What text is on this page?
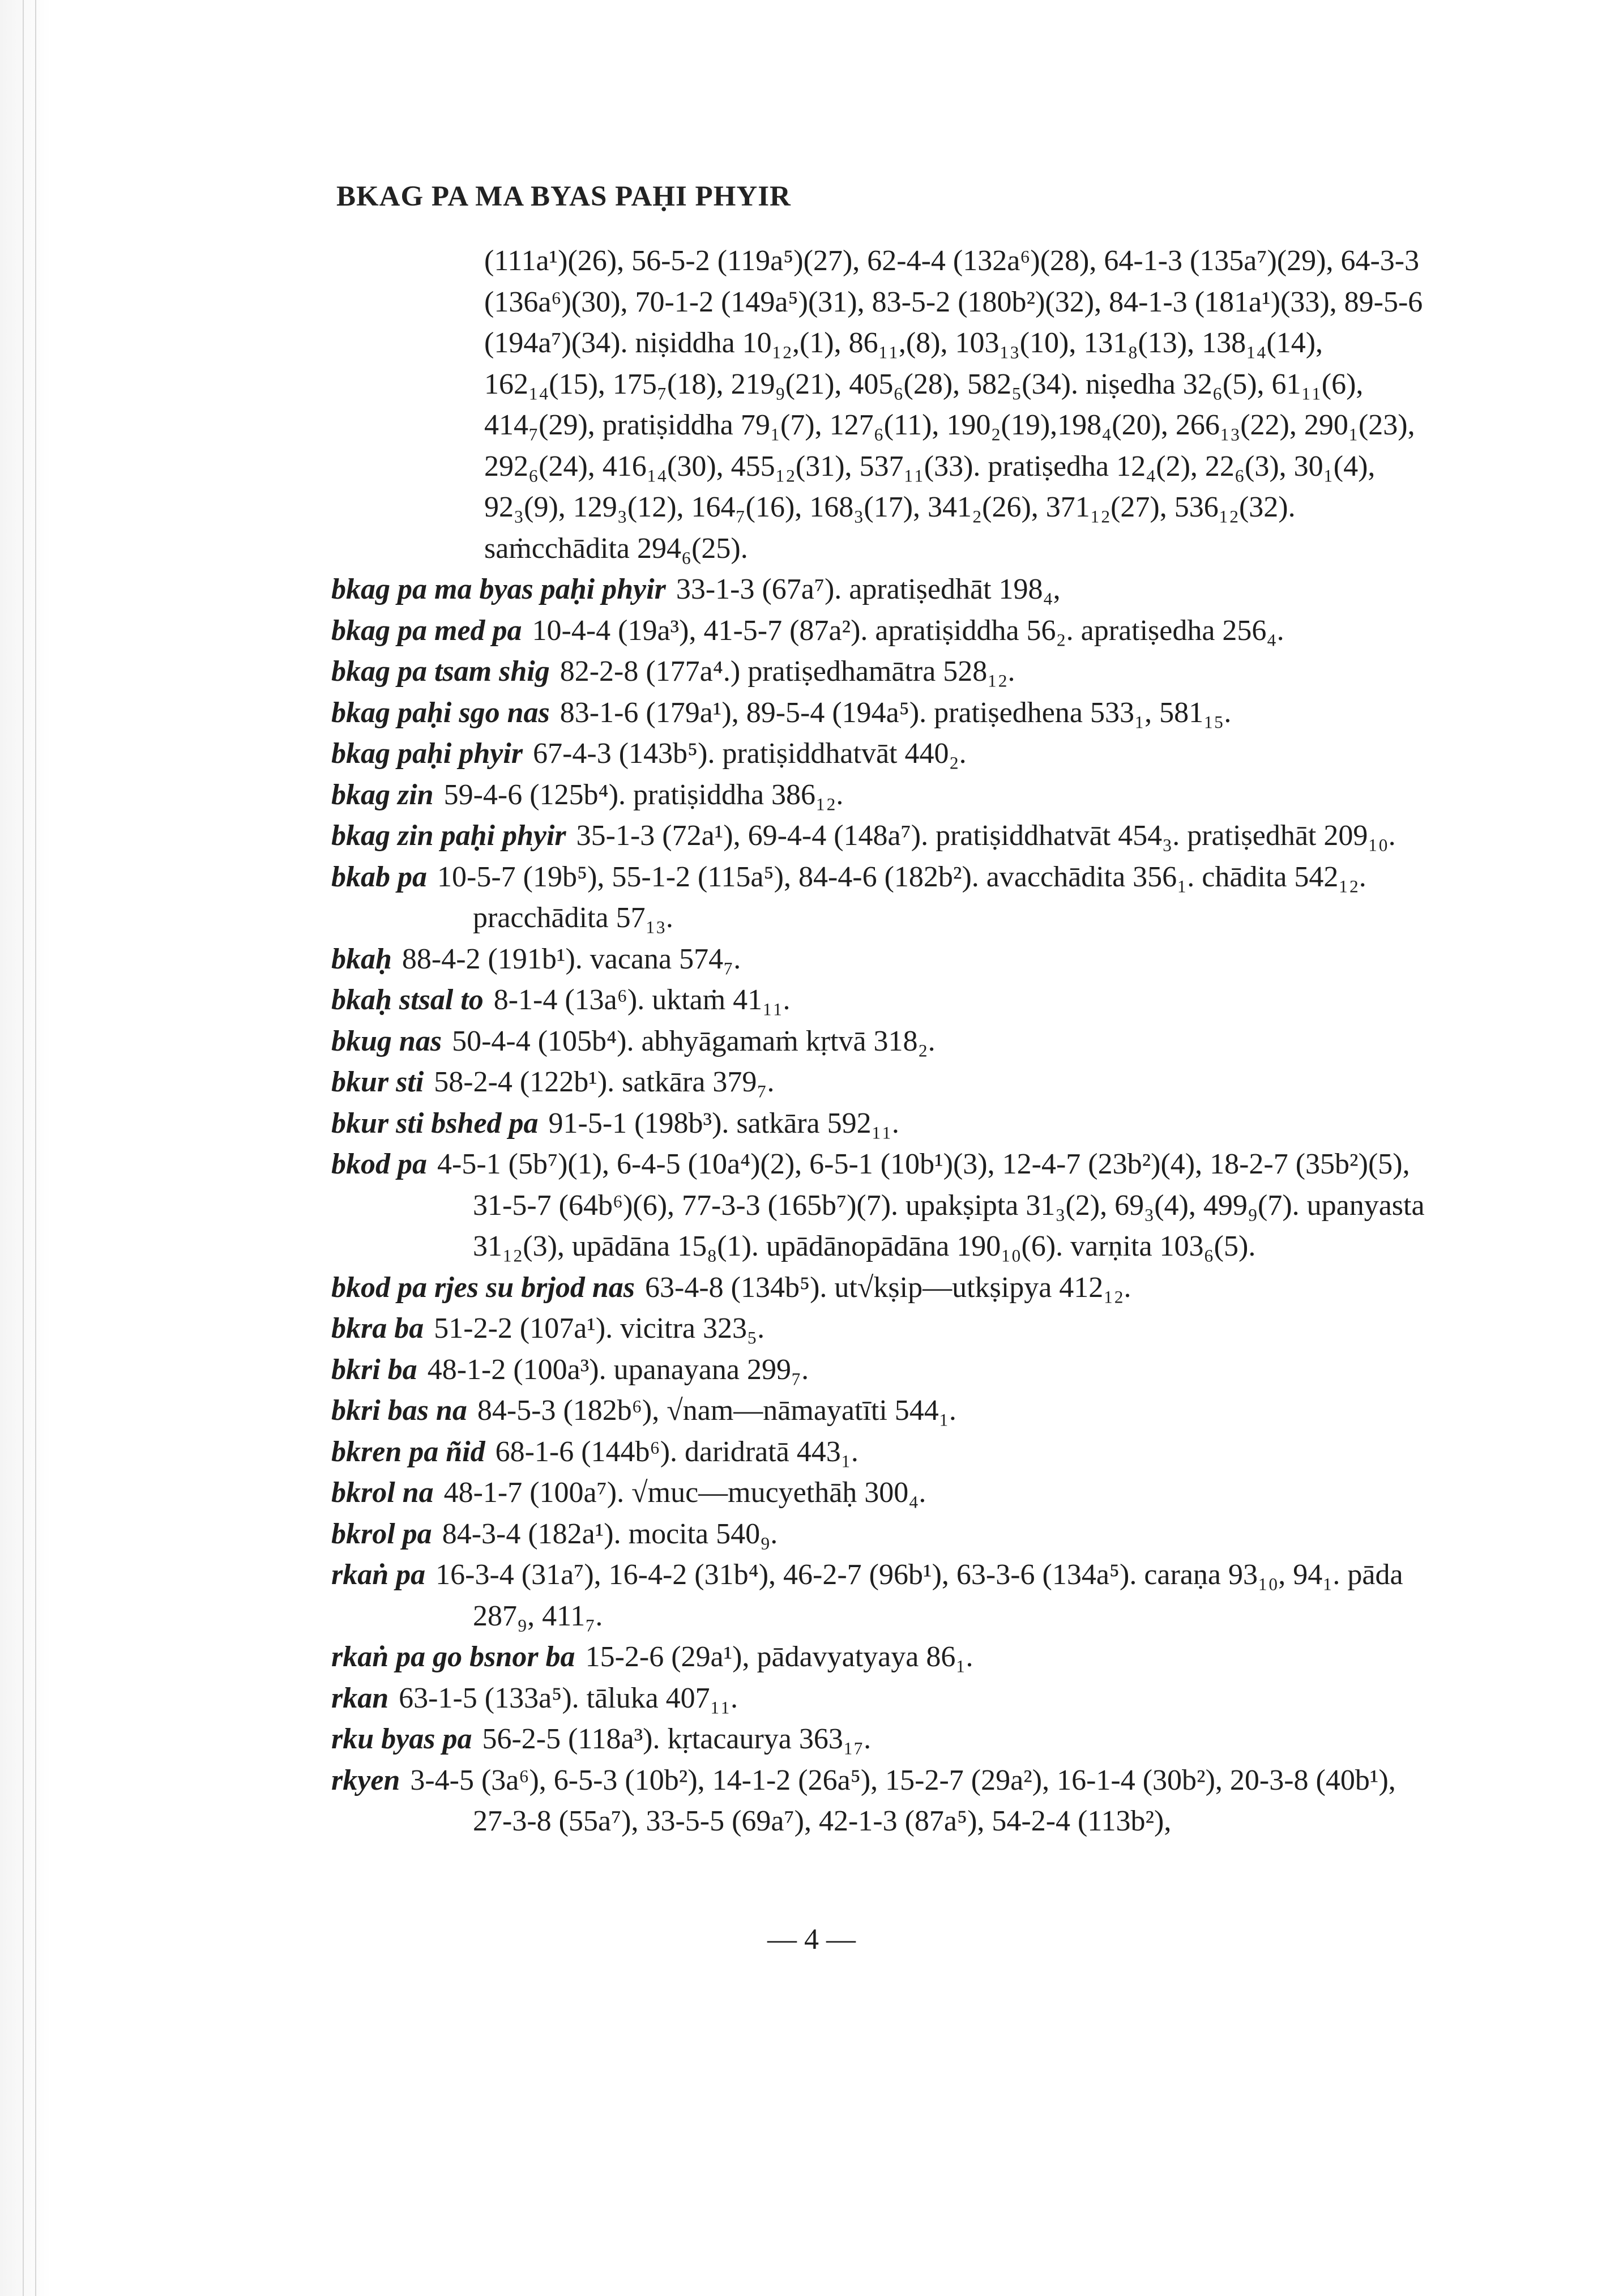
BKAG PA MA BYAS PAḤI PHYIR
(111a¹)(26), 56-5-2 (119a⁵)(27), 62-4-4 (132a⁶)(28), 64-1-3 (135a⁷)(29), 64-3-3 (136a⁶)(30), 70-1-2 (149a⁵)(31), 83-5-2 (180b²)(32), 84-1-3 (181a¹)(33), 89-5-6 (194a⁷)(34). niṣiddha 10₁₂,(1), 86₁₁,(8), 103₁₃(10), 131₈(13), 138₁₄(14), 162₁₄(15), 175₇(18), 219₉(21), 405₆(28), 582₅(34). niṣedha 32₆(5), 61₁₁(6), 414₇(29), pratiṣiddha 79₁(7), 127₆(11), 190₂(19),198₄(20), 266₁₃(22), 290₁(23), 292₆(24), 416₁₄(30), 455₁₂(31), 537₁₁(33). pratiṣedha 12₄(2), 22₆(3), 30₁(4), 92₃(9), 129₃(12), 164₇(16), 168₃(17), 341₂(26), 371₁₂(27), 536₁₂(32). saṁcchādita 294₆(25).
bkag pa ma byas paḥi phyir 33-1-3 (67a⁷). apratiṣedhāt 198₄,
bkag pa med pa 10-4-4 (19a³), 41-5-7 (87a²). apratiṣiddha 56₂. apratiṣedha 256₄.
bkag pa tsam shig 82-2-8 (177a⁴.) pratiṣedhamātra 528₁₂.
bkag paḥi sgo nas 83-1-6 (179a¹), 89-5-4 (194a⁵). pratiṣedhena 533₁, 581₁₅.
bkag paḥi phyir 67-4-3 (143b⁵). pratiṣiddhatvāt 440₂.
bkag zin 59-4-6 (125b⁴). pratiṣiddha 386₁₂.
bkag zin paḥi phyir 35-1-3 (72a¹), 69-4-4 (148a⁷). pratiṣiddhatvāt 454₃. pratiṣedhāt 209₁₀.
bkab pa 10-5-7 (19b⁵), 55-1-2 (115a⁵), 84-4-6 (182b²). avacchādita 356₁. chādita 542₁₂. pracchādita 57₁₃.
bkaḥ 88-4-2 (191b¹). vacana 574₇.
bkaḥ stsal to 8-1-4 (13a⁶). uktaṁ 41₁₁.
bkug nas 50-4-4 (105b⁴). abhyāgamaṁ kṛtvā 318₂.
bkur sti 58-2-4 (122b¹). satkāra 379₇.
bkur sti bshed pa 91-5-1 (198b³). satkāra 592₁₁.
bkod pa 4-5-1 (5b⁷)(1), 6-4-5 (10a⁴)(2), 6-5-1 (10b¹)(3), 12-4-7 (23b²)(4), 18-2-7 (35b²)(5), 31-5-7 (64b⁶)(6), 77-3-3 (165b⁷)(7). upakṣipta 31₃(2), 69₃(4), 499₉(7). upanyasta 31₁₂(3), upādāna 15₈(1). upādānopādāna 190₁₀(6). varṇita 103₆(5).
bkod pa rjes su brjod nas 63-4-8 (134b⁵). ut√kṣip—utkṣipya 412₁₂.
bkra ba 51-2-2 (107a¹). vicitra 323₅.
bkri ba 48-1-2 (100a³). upanayana 299₇.
bkri bas na 84-5-3 (182b⁶), √nam—nāmayatīti 544₁.
bkren pa ñid 68-1-6 (144b⁶). daridratā 443₁.
bkrol na 48-1-7 (100a⁷). √muc—mucyethāḥ 300₄.
bkrol pa 84-3-4 (182a¹). mocita 540₉.
rkaṅ pa 16-3-4 (31a⁷), 16-4-2 (31b⁴), 46-2-7 (96b¹), 63-3-6 (134a⁵). caraṇa 93₁₀, 94₁. pāda 287₉, 411₇.
rkaṅ pa go bsnor ba 15-2-6 (29a¹), pādavyatyaya 86₁.
rkan 63-1-5 (133a⁵). tāluka 407₁₁.
rku byas pa 56-2-5 (118a³). kṛtacaurya 363₁₇.
rkyen 3-4-5 (3a⁶), 6-5-3 (10b²), 14-1-2 (26a⁵), 15-2-7 (29a²), 16-1-4 (30b²), 20-3-8 (40b¹), 27-3-8 (55a⁷), 33-5-5 (69a⁷), 42-1-3 (87a⁵), 54-2-4 (113b²),
— 4 —
